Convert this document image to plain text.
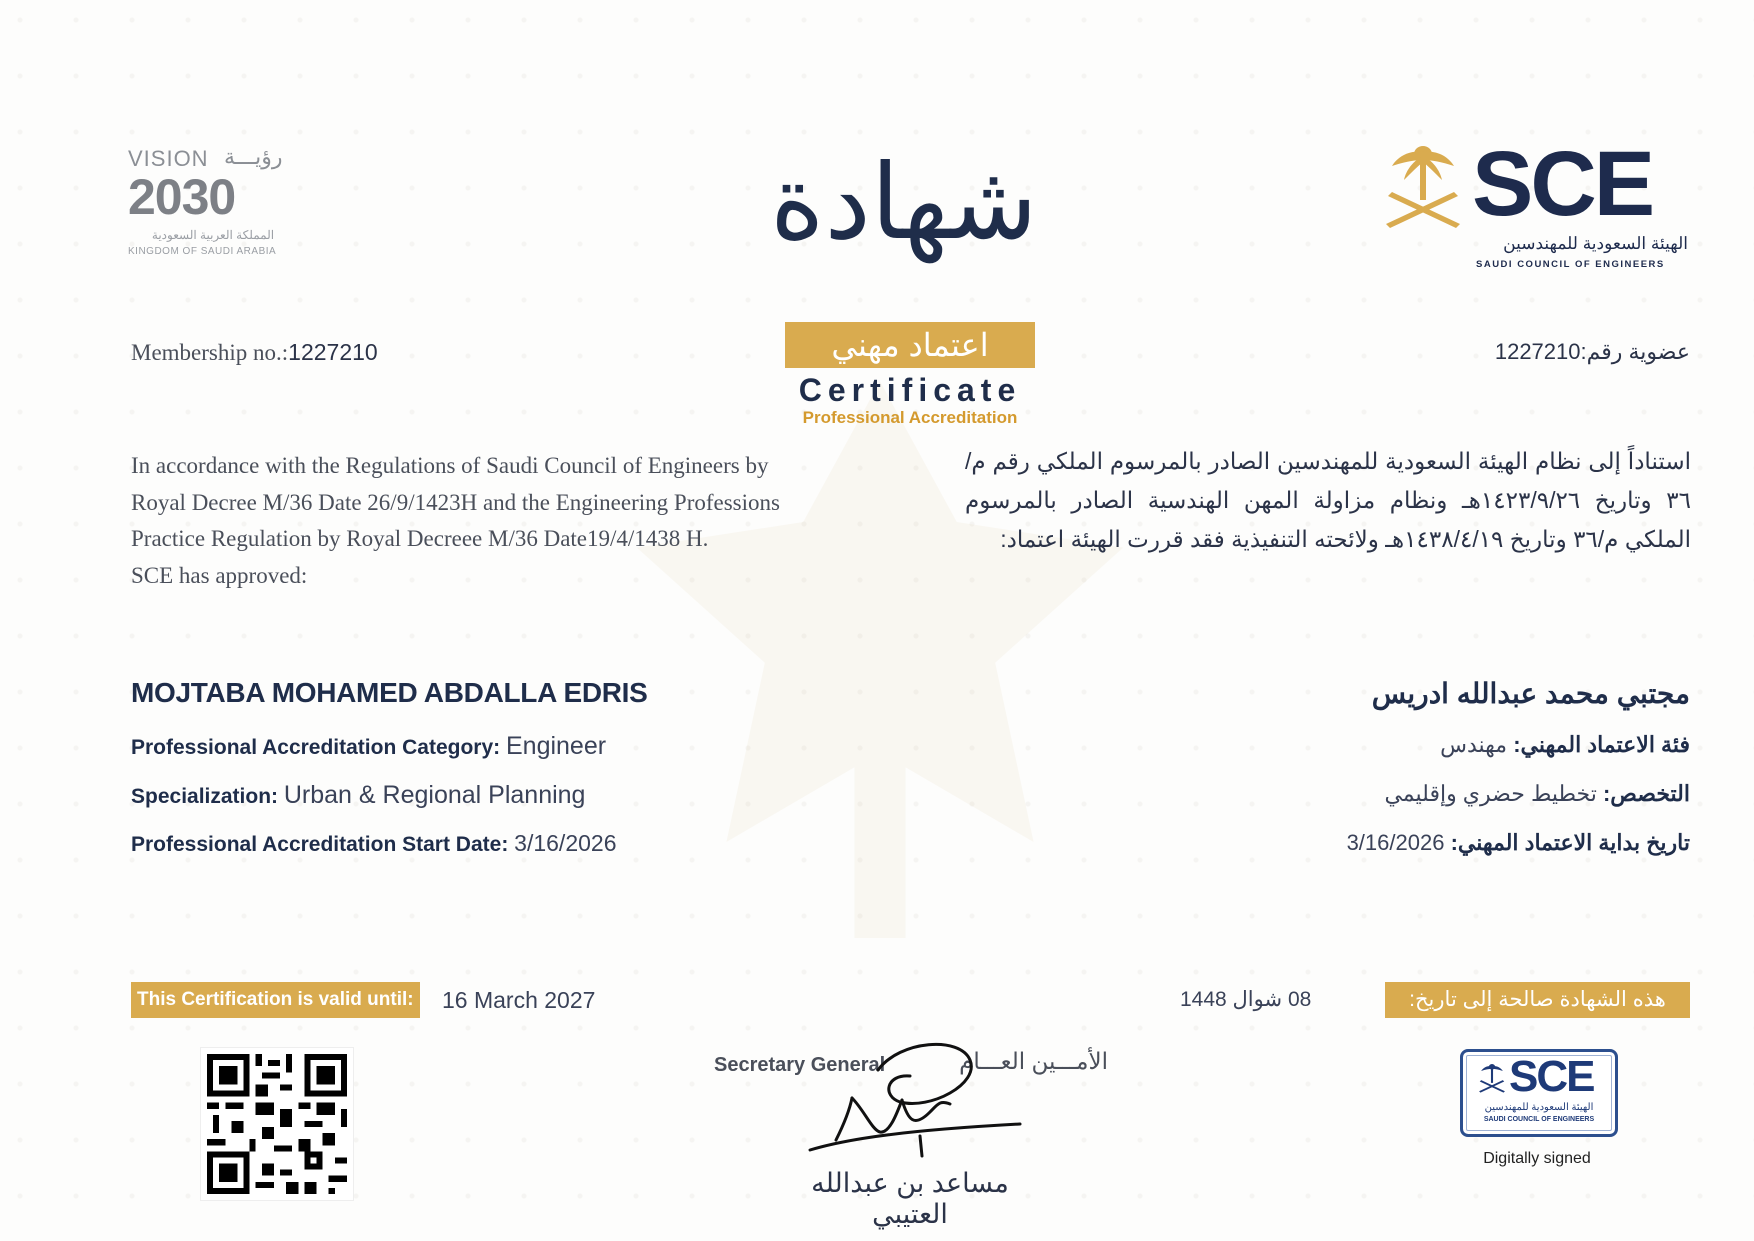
VISION رؤيـــة
2030
المملكة العربية السعودية
KINGDOM OF SAUDI ARABIA
SCE
الهيئة السعودية للمهندسين
SAUDI COUNCIL OF ENGINEERS
شهادة
اعتماد مهني
Certificate
Professional Accreditation
Membership no.:1227210	عضوية رقم:1227210
In accordance with the Regulations of Saudi Council of Engineers by
Royal Decree M/36 Date 26/9/1423H and the Engineering Professions
Practice Regulation by Royal Decreee M/36 Date19/4/1438 H.
SCE has approved:
استناداً إلى نظام الهيئة السعودية للمهندسين الصادر بالمرسوم الملكي رقم م/٣٦ وتاريخ ١٤٢٣/٩/٢٦هـ ونظام مزاولة المهن الهندسية الصادر بالمرسوم الملكي م/٣٦ وتاريخ ١٤٣٨/٤/١٩هـ ولائحته التنفيذية فقد قررت الهيئة اعتماد:
MOJTABA MOHAMED ABDALLA EDRIS	مجتبي محمد عبدالله ادريس
Professional Accreditation Category: Engineer
Specialization: Urban & Regional Planning
Professional Accreditation Start Date: 3/16/2026
فئة الاعتماد المهني: مهندس
التخصص: تخطيط حضري وإقليمي
تاريخ بداية الاعتماد المهني: 3/16/2026
This Certification is valid until: 16 March 2027	هذه الشهادة صالحة إلى تاريخ:
08 شوال 1448
Secretary General	الأمـــين العـــام
مساعد بن عبدالله العتيبي
SCE
الهيئة السعودية للمهندسين
SAUDI COUNCIL OF ENGINEERS
Digitally signed
